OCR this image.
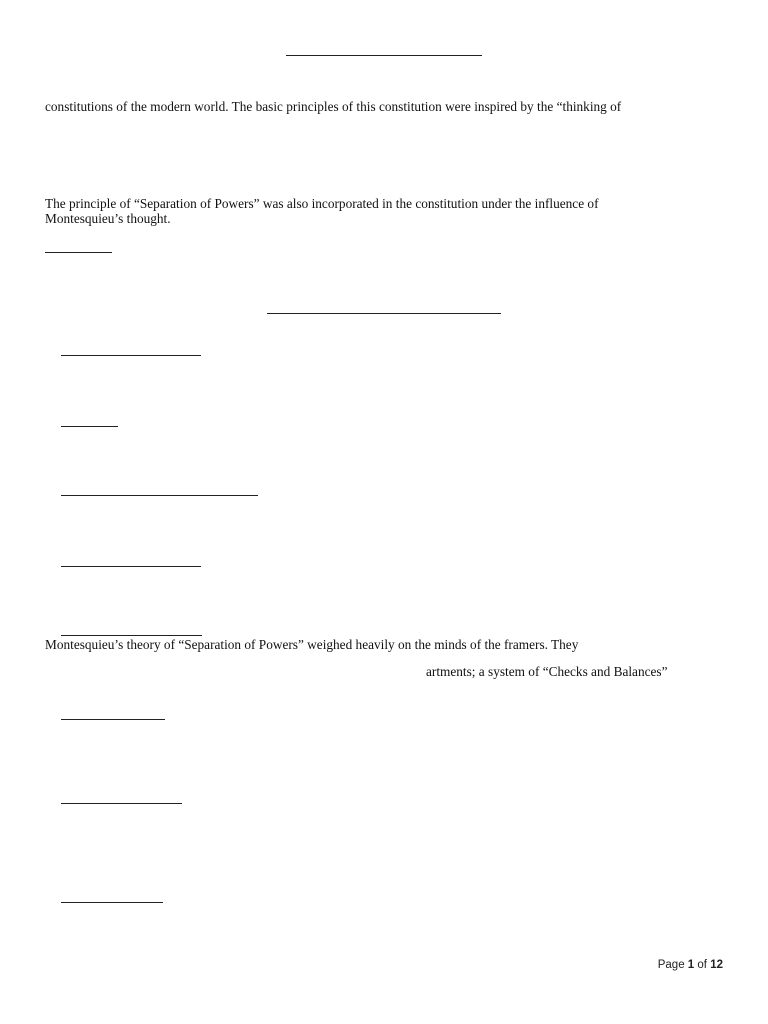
constitutions of the modern world. The basic principles of this constitution were inspired by the “thinking of
The principle of “Separation of Powers” was also incorporated in the constitution under the influence of
Montesquieu’s thought.
Montesquieu’s theory of “Separation of Powers” weighed heavily on the minds of the framers. They
artments; a system of “Checks and Balances”
Page 1 of 12
